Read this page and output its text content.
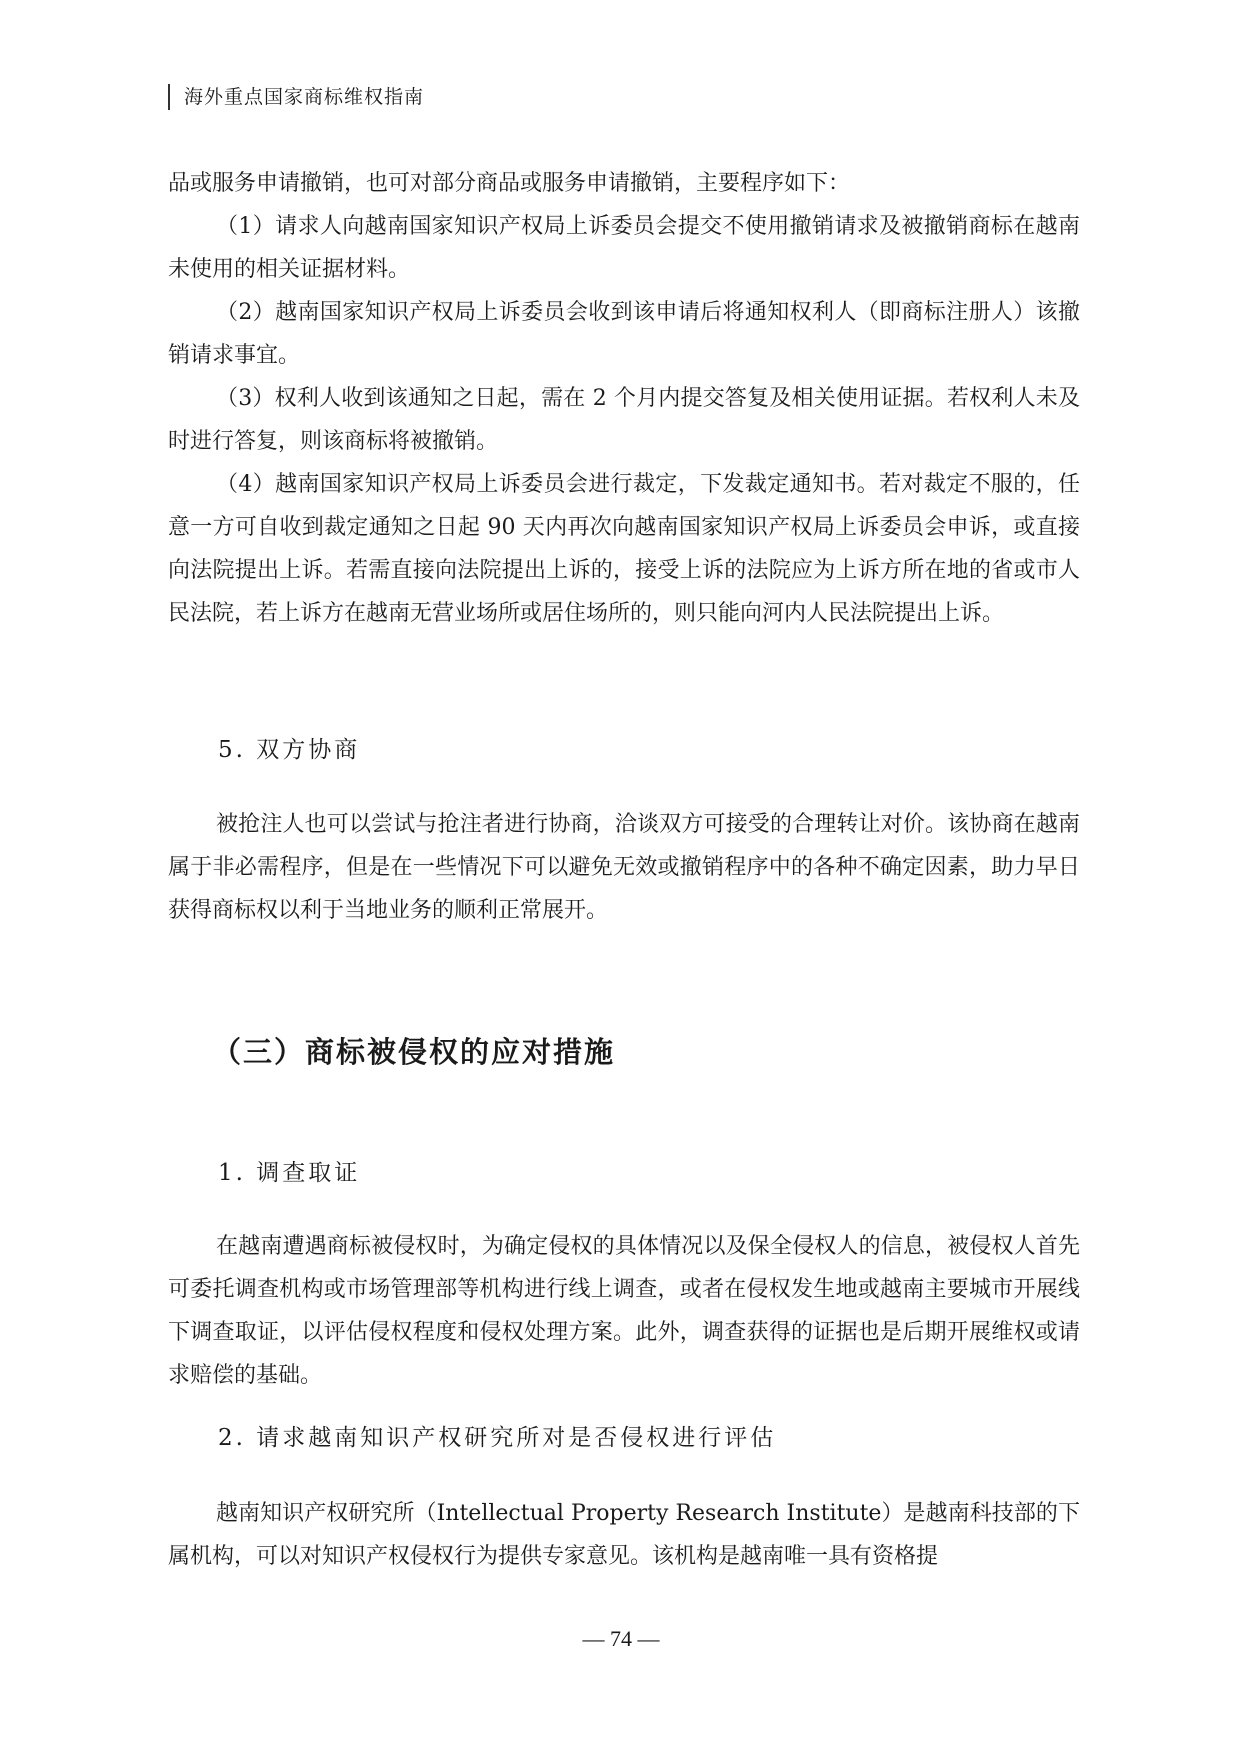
海外重点国家商标维权指南

品或服务申请撤销，也可对部分商品或服务申请撤销，主要程序如下：

（1）请求人向越南国家知识产权局上诉委员会提交不使用撤销请求及被撤销商标在越南未使用的相关证据材料。

（2）越南国家知识产权局上诉委员会收到该申请后将通知权利人（即商标注册人）该撤销请求事宜。

（3）权利人收到该通知之日起，需在 2 个月内提交答复及相关使用证据。若权利人未及时进行答复，则该商标将被撤销。

（4）越南国家知识产权局上诉委员会进行裁定，下发裁定通知书。若对裁定不服的，任意一方可自收到裁定通知之日起 90 天内再次向越南国家知识产权局上诉委员会申诉，或直接向法院提出上诉。若需直接向法院提出上诉的，接受上诉的法院应为上诉方所在地的省或市人民法院，若上诉方在越南无营业场所或居住场所的，则只能向河内人民法院提出上诉。

5. 双方协商

被抢注人也可以尝试与抢注者进行协商，洽谈双方可接受的合理转让对价。该协商在越南属于非必需程序，但是在一些情况下可以避免无效或撤销程序中的各种不确定因素，助力早日获得商标权以利于当地业务的顺利正常展开。

（三）商标被侵权的应对措施
1. 调查取证

在越南遭遇商标被侵权时，为确定侵权的具体情况以及保全侵权人的信息，被侵权人首先可委托调查机构或市场管理部等机构进行线上调查，或者在侵权发生地或越南主要城市开展线下调查取证，以评估侵权程度和侵权处理方案。此外，调查获得的证据也是后期开展维权或请求赔偿的基础。

2. 请求越南知识产权研究所对是否侵权进行评估

越南知识产权研究所（Intellectual Property Research Institute）是越南科技部的下属机构，可以对知识产权侵权行为提供专家意见。该机构是越南唯一具有资格提

— 74 —
